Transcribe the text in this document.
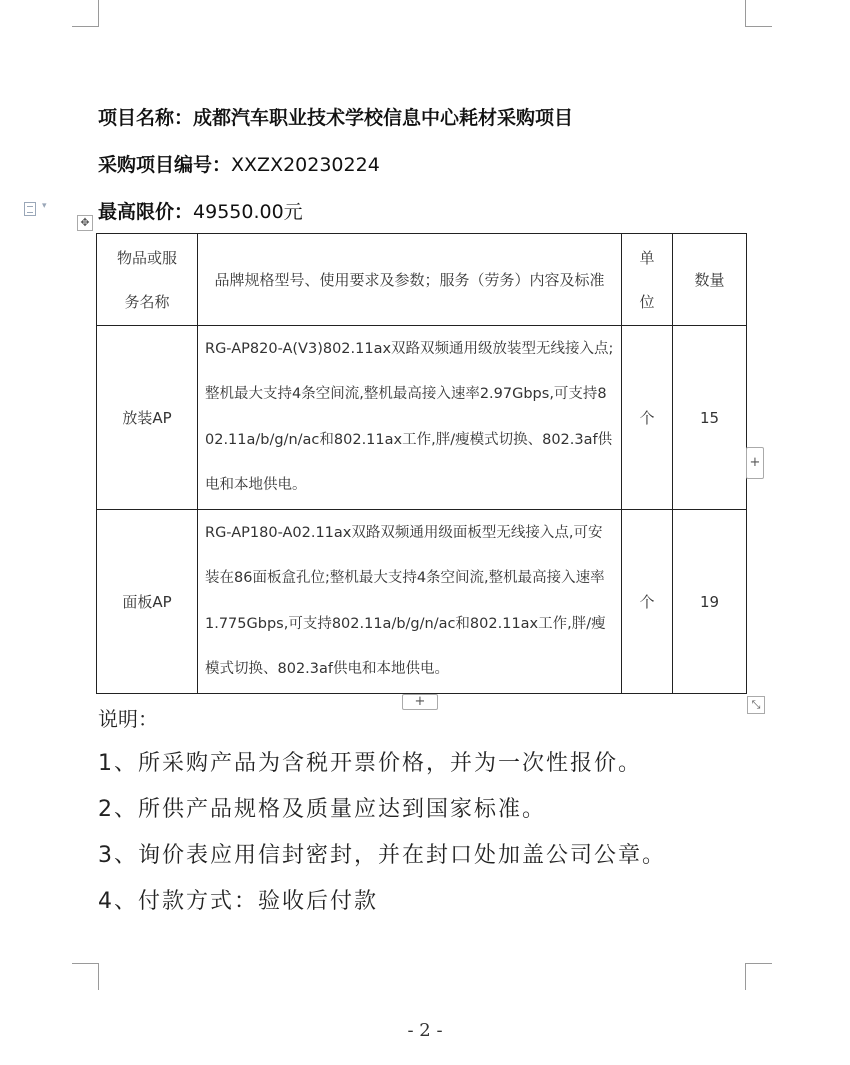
项目名称：成都汽车职业技术学校信息中心耗材采购项目
采购项目编号：XXZX20230224
最高限价：49550.00元
▾
✥
物品或服务名称	品牌规格型号、使用要求及参数；服务（劳务）内容及标准	单位	数量
放装AP	RG-AP820-A(V3)802.11ax双路双频通用级放装型无线接入点;整机最大支持4条空间流,整机最高接入速率2.97Gbps,可支持802.11a/b/g/n/ac和802.11ax工作,胖/瘦模式切换、802.3af供电和本地供电。	个	15
面板AP	RG-AP180-A02.11ax双路双频通用级面板型无线接入点,可安装在86面板盒孔位;整机最大支持4条空间流,整机最高接入速率1.775Gbps,可支持802.11a/b/g/n/ac和802.11ax工作,胖/瘦模式切换、802.3af供电和本地供电。	个	19
+
+	⤡
说明：
1、所采购产品为含税开票价格，并为一次性报价。
2、所供产品规格及质量应达到国家标准。
3、询价表应用信封密封，并在封口处加盖公司公章。
4、付款方式：验收后付款
- 2 -
